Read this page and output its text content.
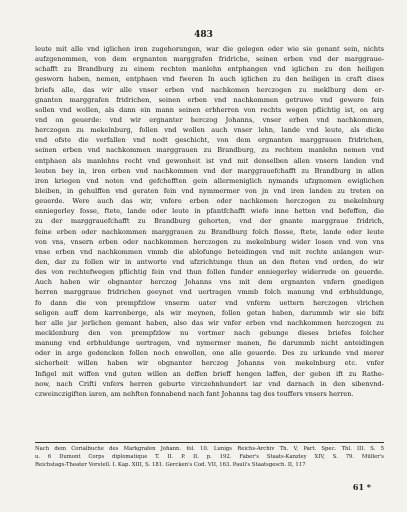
483
leute mit alle vnd iglichen iren zugehorungen, war die gelegen oder wie sie genant sein, nichts
aufzgenommen, von dem ergnanten marggrafen fridriche, seinen erben vnd der marggraue-
schafft zu Brandburg zu einem rechten manlehn entphangen vnd iglichen zu den heiligen
gesworn haben, nemen, entphaen vnd fweren In auch iglichen zu den heiligen in craft dises
briefs alle, das wir alle vnser erben vnd nachkomen herczogen zu meklburg dem er-
gnanten marggrafen fridrichen, seinen erben vnd nachkommen getruwe vnd gewere fein
sollen vnd wollen, als dann ein mann seinen erbherren von rechts wegen pflichtig ist, on arg
vnd on geuerde: vnd wir ergnanter herczog Johanns, vnser erben vnd nachkommen,
herczogen zu mekelnburg, follen vnd wollen auch vnser lehn, lande vnd leute, als dicke
vnd ofste die verfallen vnd nodt geschicht, von dem ergnanten marggrauen fridrichen,
seinen erben vnd nachkommen marggrauen zu Brandburg, zu rechtem manlehn nemen vnd
entphaen als manlehns recht vnd gewonheit ist vnd mit denselben allen vnsern landen vnd
leuten bey in, iren erben vnd nachkommen vnd der marggrauefchafft zu Brandburg in allen
iren kriegen vnd noten vnd gefchefften gein allermeniglich nymands ufzgnomen ewiglichen
bleiben, in gehulffen vnd geraten fein vnd nymmermer von jn vnd iren landen zu treten on
geuerde. Were auch das wir, vnfere erben oder nachkomen herczogen zu mekelnburg
enniegerley fosse, ftete, lande oder leute in pfantfchafft wiefe inne hetten vnd befeffen, die
zu der marggrauefchafft zu Brandburg gehorten, vnd der gnante marggraue fridrich,
feine erben oder nachkommen marggrauen zu Brandburg folch flosse, ftete, lande oder leute
von vns, vnsern erben oder nachkommen herczogen zu mekelnburg wider losen vnd von vns
vnse erben vnd nachkommen vmmb die ablofunge beteidingen vnd mit rechte anlangen wur-
den, dar zu follen wir in antworte vnd ufzrichtunge thun an den fteten vnd orden, do wir
des von rechtefwegen pflichtig fein vnd thun follen funder enniegerley widerrede on geuerde.
Auch haben wir obgnanter herczog Johanns vns mit dem ergnanten vnfern gnedigen
herren marggraue fridrichen geeynet vnd uertragen vmmb folch manung vnd erbhuldunge,
fo dann die von prempfzlow vnserm uater vnd vnferm uettern herczogen vlrichen
seligen auff dem karrenberge, als wir meynen, follen getan haben, darummb wir sie bifz
her alle jar jerlichen gemant haben, also das wir vnfer erben vnd nachkommen herczogen zu
mecklenburg den von prempfzlow nu vortmer nach gebunge dieses briefes folcher
manung vnd erbhuldunge uertragen, vnd nymermer manen, fie darummb nicht anteidingen
oder in arge gedencken follen noch enwollen, one alle geuerde. Des zu urkunde vnd merer
sicherheit willen haben wir obgnanter herczog Johanns von mekelnburg etc. vnfer
Infigel mit wiffen vnd guten willen an deffen brieff hengen laffen, der geben ift zu Rathe-
now, nach Crifti vnfers herren geburte virczehnhundert iar vnd darnach in den sibenvnd-
czweinczigiften iaren, am nehften fonnabend nach fant Johanns tag des touffers vnsers herren.
Nach dem Corialbuche des Markgrafen Johann. fol. 10. Lunigs Reichs-Archiv Th. V, Part. Spec. Thl. III. S. 5
u. 6 Dumont Corps diplomatique T. II. P. II. p. 192. Faber's Staats-Kanzley XIV, S. 79. Müller's
Reichstags-Theater Vorstell. I. Kap. XIII, S. 181. Gercken's Cod. VII, 163. Pauli's Staatsgesch. II, 117
61 *
